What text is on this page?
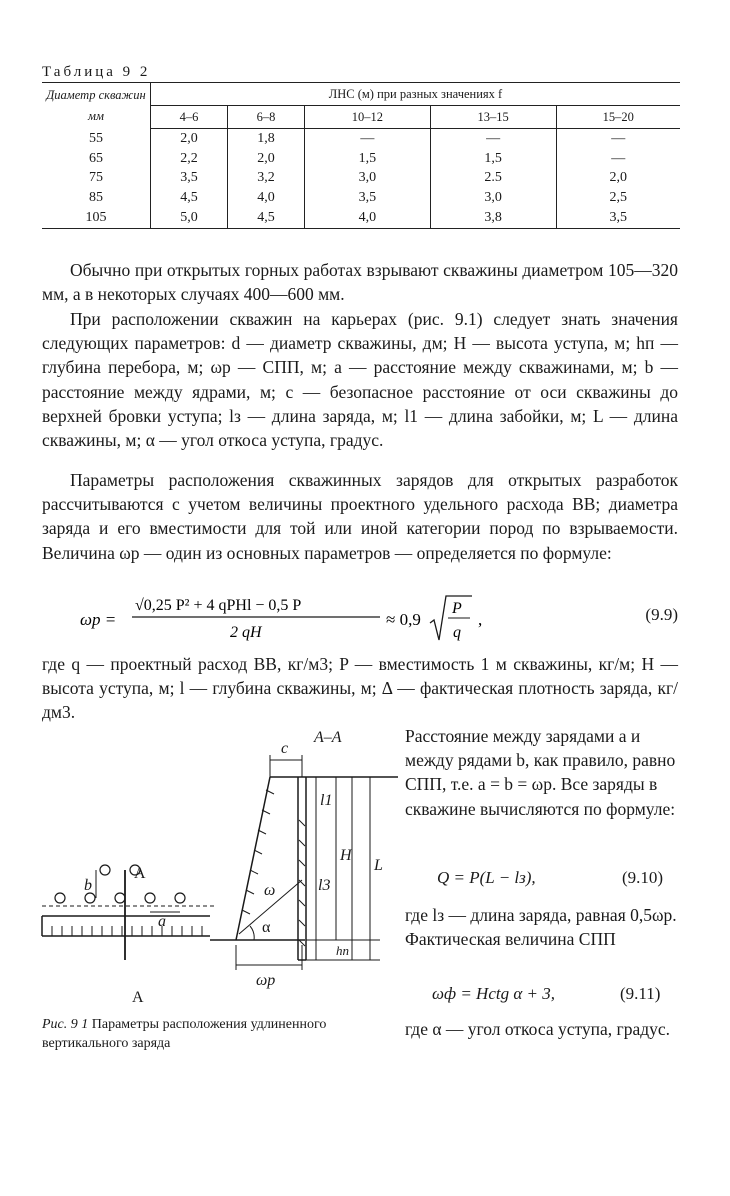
Таблица 9 2
Диаметр скважин мм	ЛНС (м) при разных значениях f				
	4–6	6–8	10–12	13–15	15–20
55	2,0	1,8	—	—	—
65	2,2	2,0	1,5	1,5	—
75	3,5	3,2	3,0	2.5	2,0
85	4,5	4,0	3,5	3,0	2,5
105	5,0	4,5	4,0	3,8	3,5

Обычно при открытых горных работах взрывают скважины диаметром 105—320 мм, а в некоторых случаях 400—600 мм.

При расположении скважин на карьерах (рис. 9.1) следует знать значения следующих параметров: d — диаметр скважины, дм; H — высота уступа, м; hп — глубина перебора, м; ωp — СПП, м; a — расстояние между скважинами, м; b — расстояние между ядрами, м; c — безопасное расстояние от оси скважины до верхней бровки уступа; lз — длина заряда, м; l1 — длина забойки, м; L — длина скважины, м; α — угол откоса уступа, градус.

Параметры расположения скважинных зарядов для открытых разработок рассчитываются с учетом величины проектного удельного расхода ВВ; диаметра заряда и его вместимости для той или иной категории пород по взрываемости. Величина ωp — один из основных параметров — определяется по формуле:

ωp =
√0,25 P² + 4 qPHl − 0,5 P
2 qH
≈ 0,9
P
q
,	(9.9)

где q — проектный расход ВВ, кг/м3; P — вместимость 1 м скважины, кг/м; H — высота уступа, м; l — глубина скважины, м; Δ — фактическая плотность заряда, кг/дм3.

Расстояние между зарядами a и между рядами b, как правило, равно СПП, т.е. a = b = ωp. Все заряды в скважине вычисляются по формуле:

Q = P(L − lз),	(9.10)

где lз — длина заряда, равная 0,5ωp. Фактическая величина СПП

ωф = Hctg α + 3,	(9.11)

где α — угол откоса уступа, градус.

А–А
c
l1
H
L
l3
hп
ω
ωр
α
А
А
a
b
Рис. 9 1 Параметры расположения удлиненного вертикального заряда
